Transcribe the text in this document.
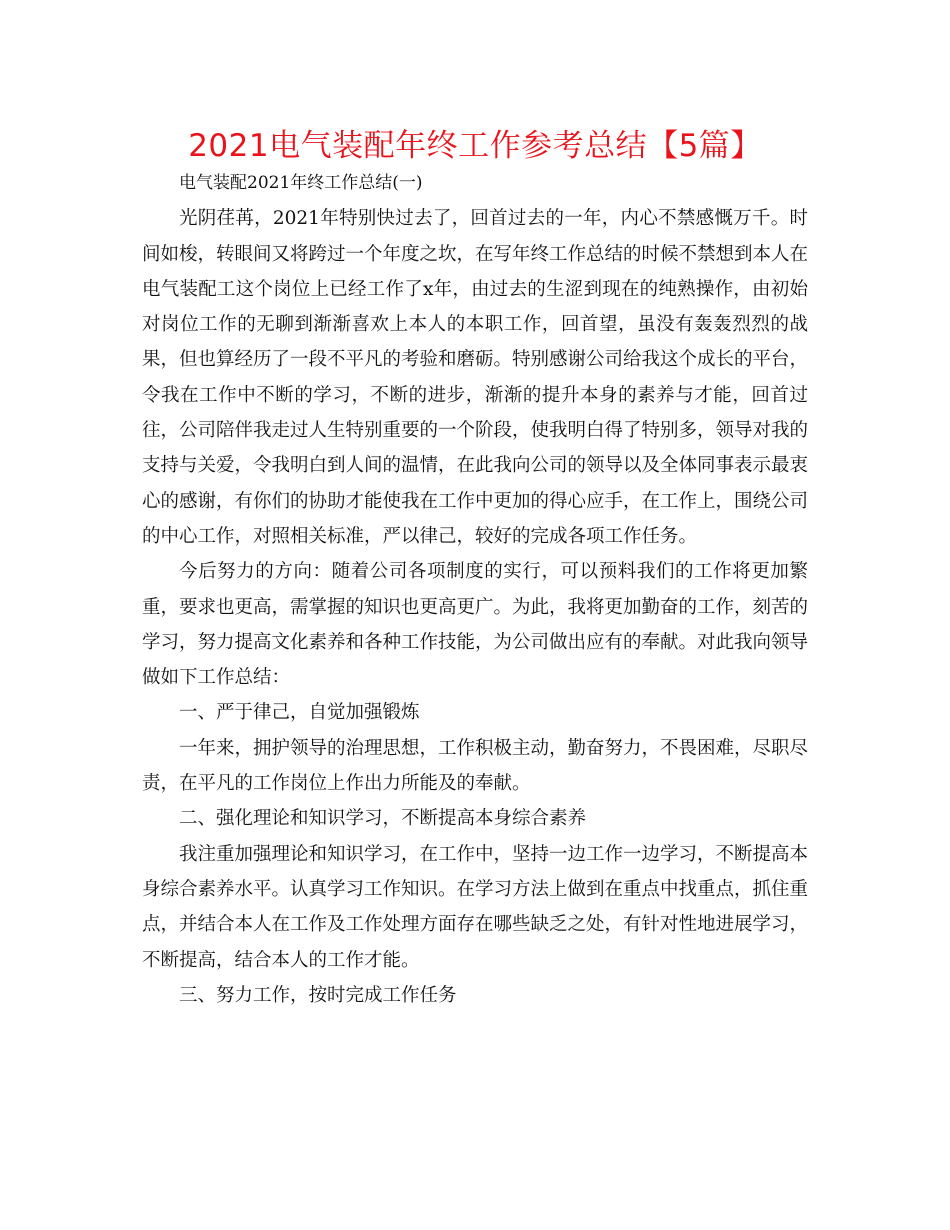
2021电气装配年终工作参考总结【5篇】

电气装配2021年终工作总结(一)

光阴荏苒，2021年特别快过去了，回首过去的一年，内心不禁感慨万千。时间如梭，转眼间又将跨过一个年度之坎，在写年终工作总结的时候不禁想到本人在电气装配工这个岗位上已经工作了x年，由过去的生涩到现在的纯熟操作，由初始对岗位工作的无聊到渐渐喜欢上本人的本职工作，回首望，虽没有轰轰烈烈的战果，但也算经历了一段不平凡的考验和磨砺。特别感谢公司给我这个成长的平台，令我在工作中不断的学习，不断的进步，渐渐的提升本身的素养与才能，回首过往，公司陪伴我走过人生特别重要的一个阶段，使我明白得了特别多，领导对我的支持与关爱，令我明白到人间的温情，在此我向公司的领导以及全体同事表示最衷心的感谢，有你们的协助才能使我在工作中更加的得心应手，在工作上，围绕公司的中心工作，对照相关标准，严以律己，较好的完成各项工作任务。

今后努力的方向：随着公司各项制度的实行，可以预料我们的工作将更加繁重，要求也更高，需掌握的知识也更高更广。为此，我将更加勤奋的工作，刻苦的学习，努力提高文化素养和各种工作技能，为公司做出应有的奉献。对此我向领导做如下工作总结：

一、严于律己，自觉加强锻炼

一年来，拥护领导的治理思想，工作积极主动，勤奋努力，不畏困难，尽职尽责，在平凡的工作岗位上作出力所能及的奉献。

二、强化理论和知识学习，不断提高本身综合素养

我注重加强理论和知识学习，在工作中，坚持一边工作一边学习，不断提高本身综合素养水平。认真学习工作知识。在学习方法上做到在重点中找重点，抓住重点，并结合本人在工作及工作处理方面存在哪些缺乏之处，有针对性地进展学习，不断提高，结合本人的工作才能。

三、努力工作，按时完成工作任务
